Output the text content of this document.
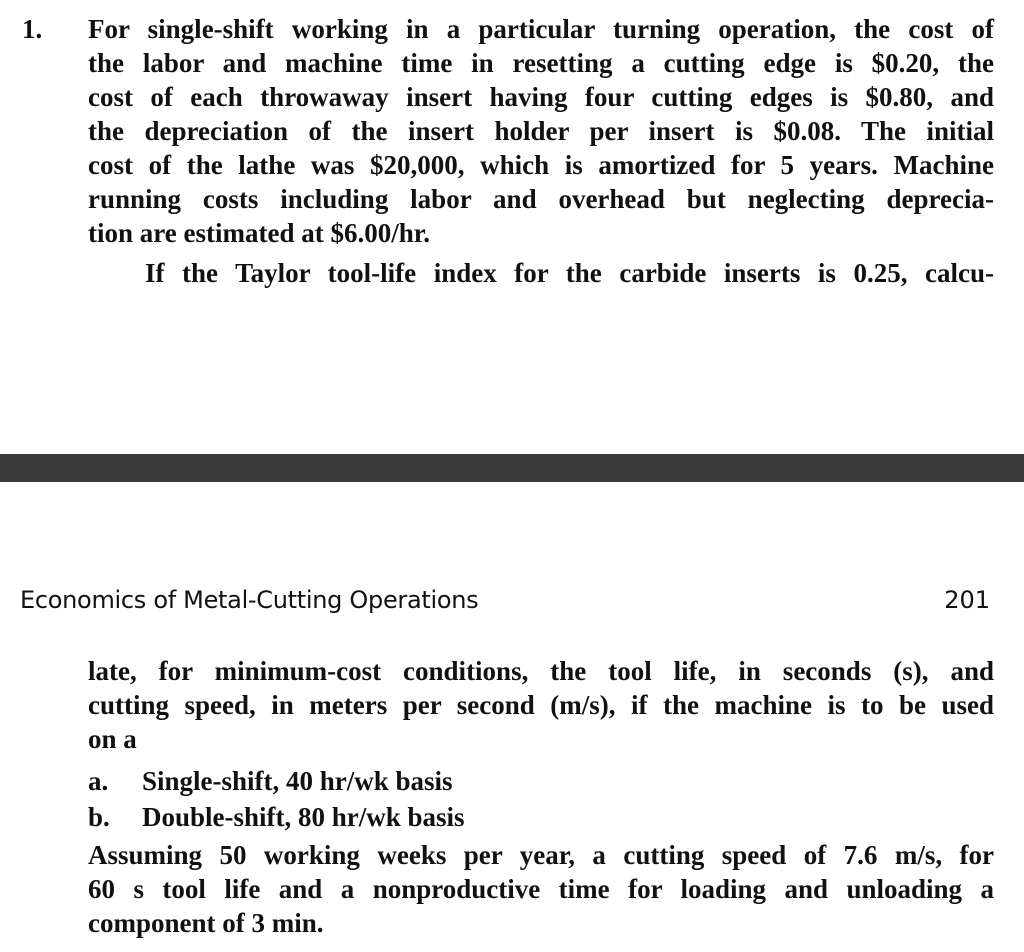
1. For single-shift working in a particular turning operation, the cost of
the labor and machine time in resetting a cutting edge is $0.20, the
cost of each throwaway insert having four cutting edges is $0.80, and
the depreciation of the insert holder per insert is $0.08. The initial
cost of the lathe was $20,000, which is amortized for 5 years. Machine
running costs including labor and overhead but neglecting deprecia-
tion are estimated at $6.00/hr.
If the Taylor tool-life index for the carbide inserts is 0.25, calcu-
Economics of Metal-Cutting Operations	201
late, for minimum-cost conditions, the tool life, in seconds (s), and
cutting speed, in meters per second (m/s), if the machine is to be used
on a
a. Single-shift, 40 hr/wk basis
b. Double-shift, 80 hr/wk basis
Assuming 50 working weeks per year, a cutting speed of 7.6 m/s, for
60 s tool life and a nonproductive time for loading and unloading a
component of 3 min.
